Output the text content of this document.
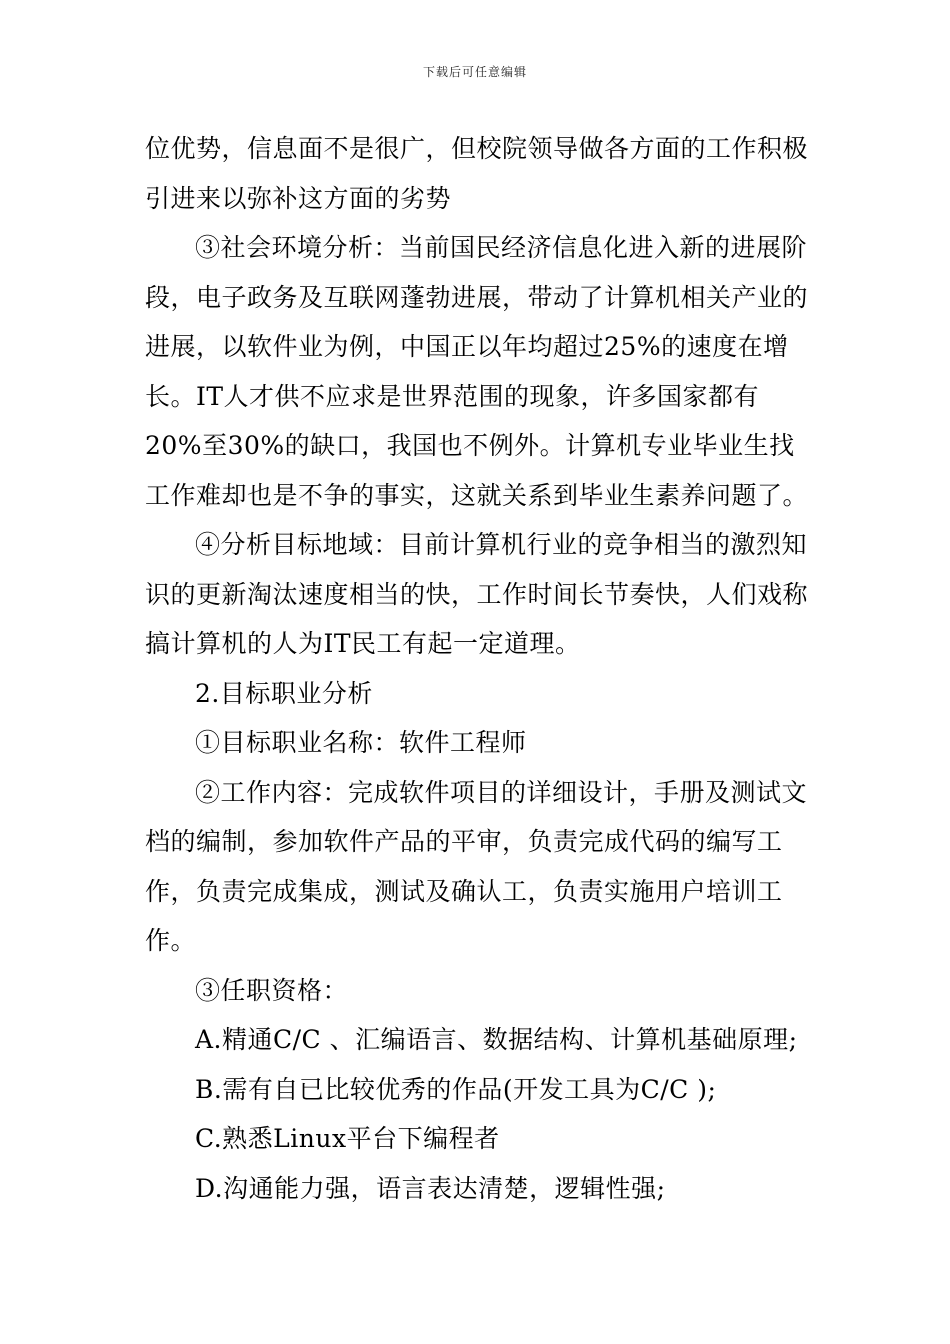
下载后可任意编辑

位优势，信息面不是很广，但校院领导做各方面的工作积极引进来以弥补这方面的劣势

③社会环境分析：当前国民经济信息化进入新的进展阶段，电子政务及互联网蓬勃进展，带动了计算机相关产业的进展，以软件业为例，中国正以年均超过25%的速度在增长。IT人才供不应求是世界范围的现象，许多国家都有20%至30%的缺口，我国也不例外。计算机专业毕业生找工作难却也是不争的事实，这就关系到毕业生素养问题了。

④分析目标地域：目前计算机行业的竞争相当的激烈知识的更新淘汰速度相当的快，工作时间长节奏快，人们戏称搞计算机的人为IT民工有起一定道理。

2.目标职业分析

①目标职业名称：软件工程师

②工作内容：完成软件项目的详细设计，手册及测试文档的编制，参加软件产品的平审，负责完成代码的编写工作，负责完成集成，测试及确认工，负责实施用户培训工作。

③任职资格：

A.精通C/C 、汇编语言、数据结构、计算机基础原理;

B.需有自已比较优秀的作品(开发工具为C/C );

C.熟悉Linux平台下编程者

D.沟通能力强，语言表达清楚，逻辑性强;
